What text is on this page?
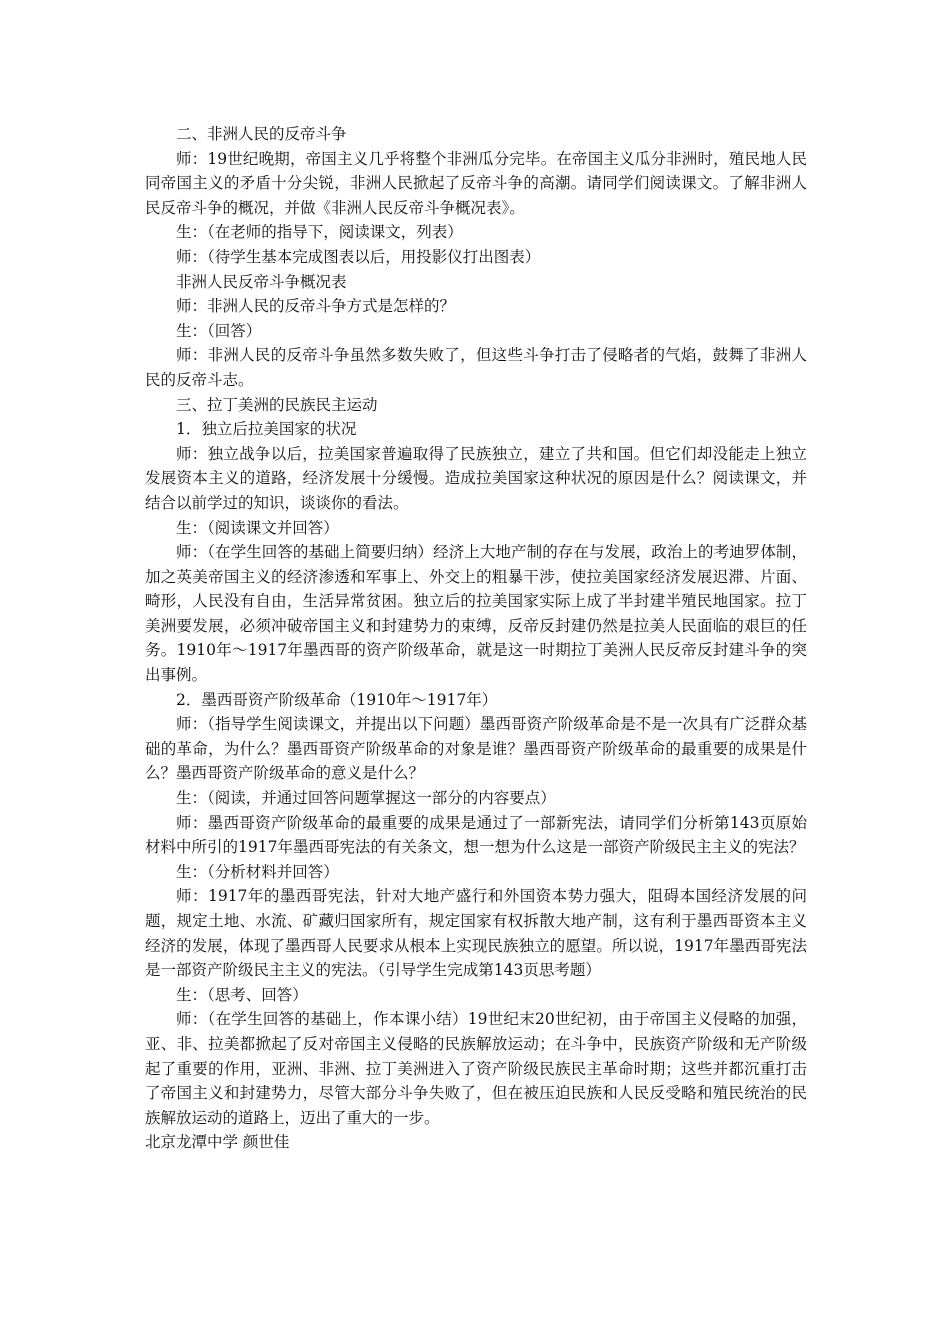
二、非洲人民的反帝斗争

师：19世纪晚期，帝国主义几乎将整个非洲瓜分完毕。在帝国主义瓜分非洲时，殖民地人民同帝国主义的矛盾十分尖锐，非洲人民掀起了反帝斗争的高潮。请同学们阅读课文。了解非洲人民反帝斗争的概况，并做《非洲人民反帝斗争概况表》。

生：（在老师的指导下，阅读课文，列表）

师：（待学生基本完成图表以后，用投影仪打出图表）

非洲人民反帝斗争概况表

师：非洲人民的反帝斗争方式是怎样的？

生：（回答）

师：非洲人民的反帝斗争虽然多数失败了，但这些斗争打击了侵略者的气焰，鼓舞了非洲人民的反帝斗志。

三、拉丁美洲的民族民主运动

1．独立后拉美国家的状况

师：独立战争以后，拉美国家普遍取得了民族独立，建立了共和国。但它们却没能走上独立发展资本主义的道路，经济发展十分缓慢。造成拉美国家这种状况的原因是什么？阅读课文，并结合以前学过的知识，谈谈你的看法。

生：（阅读课文并回答）

师：（在学生回答的基础上简要归纳）经济上大地产制的存在与发展，政治上的考迪罗体制，加之英美帝国主义的经济渗透和军事上、外交上的粗暴干涉，使拉美国家经济发展迟滞、片面、畸形，人民没有自由，生活异常贫困。独立后的拉美国家实际上成了半封建半殖民地国家。拉丁美洲要发展，必须冲破帝国主义和封建势力的束缚，反帝反封建仍然是拉美人民面临的艰巨的任务。1910年～1917年墨西哥的资产阶级革命，就是这一时期拉丁美洲人民反帝反封建斗争的突出事例。

2．墨西哥资产阶级革命（1910年～1917年）

师：（指导学生阅读课文，并提出以下问题）墨西哥资产阶级革命是不是一次具有广泛群众基础的革命，为什么？墨西哥资产阶级革命的对象是谁？墨西哥资产阶级革命的最重要的成果是什么？墨西哥资产阶级革命的意义是什么？

生：（阅读，并通过回答问题掌握这一部分的内容要点）

师：墨西哥资产阶级革命的最重要的成果是通过了一部新宪法，请同学们分析第143页原始材料中所引的1917年墨西哥宪法的有关条文，想一想为什么这是一部资产阶级民主主义的宪法？

生：（分析材料并回答）

师：1917年的墨西哥宪法，针对大地产盛行和外国资本势力强大，阻碍本国经济发展的问题，规定土地、水流、矿藏归国家所有，规定国家有权拆散大地产制，这有利于墨西哥资本主义经济的发展，体现了墨西哥人民要求从根本上实现民族独立的愿望。所以说，1917年墨西哥宪法是一部资产阶级民主主义的宪法。（引导学生完成第143页思考题）

生：（思考、回答）

师：（在学生回答的基础上，作本课小结）19世纪末20世纪初，由于帝国主义侵略的加强，亚、非、拉美都掀起了反对帝国主义侵略的民族解放运动；在斗争中，民族资产阶级和无产阶级起了重要的作用，亚洲、非洲、拉丁美洲进入了资产阶级民族民主革命时期；这些并都沉重打击了帝国主义和封建势力，尽管大部分斗争失败了，但在被压迫民族和人民反受略和殖民统治的民族解放运动的道路上，迈出了重大的一步。

北京龙潭中学 颜世佳
